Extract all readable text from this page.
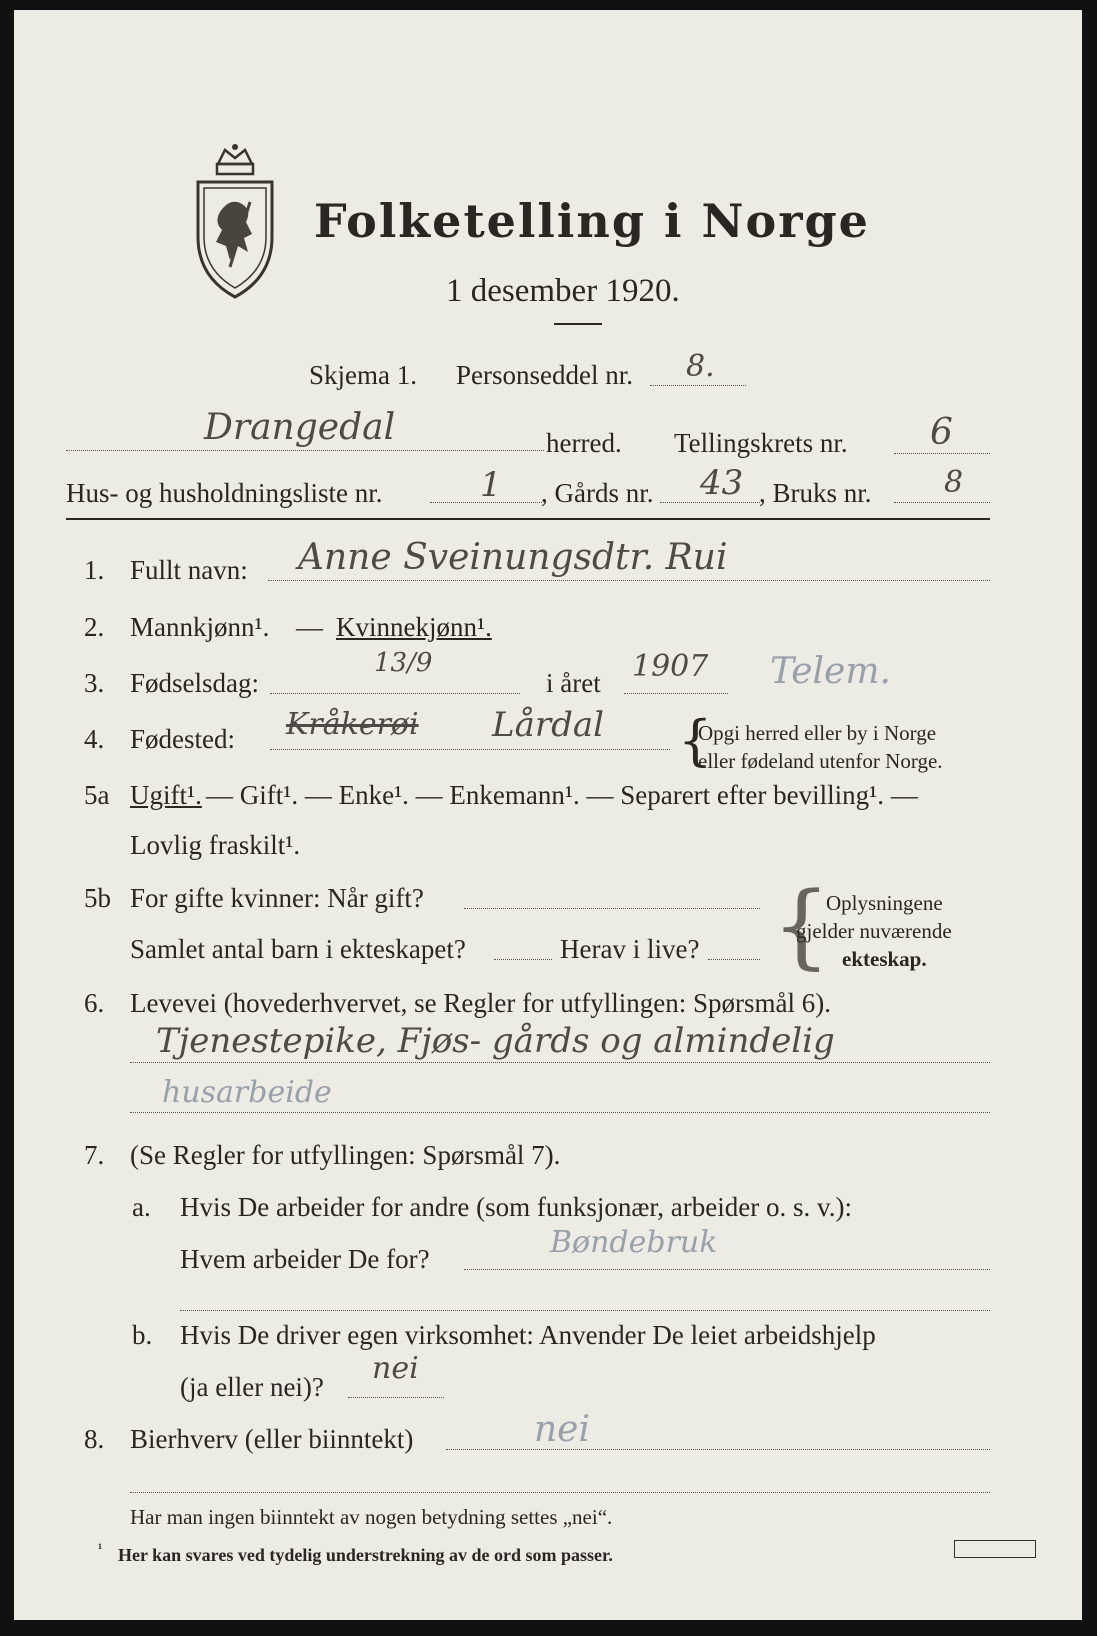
Folketelling i Norge
1 desember 1920.
Skjema 1. Personseddel nr. 8.
Drangedal	herred. Tellingskrets nr. 6
Hus- og husholdningsliste nr.	1 , Gårds nr. 43 , Bruks nr. 8
1. Fullt navn: Anne Sveinungsdtr. Rui
2. Mannkjønn¹. — Kvinnekjønn¹.
3. Fødselsdag:
13/9
i året 1907 Telem.
4. Fødested: Kråkerøi Lårdal {
Opgi herred eller by i Norge
eller fødeland utenfor Norge.
5a Ugift¹. — Gift¹. — Enke¹. — Enkemann¹. — Separert efter bevilling¹. —
Lovlig fraskilt¹.
5b For gifte kvinner: Når gift?
Samlet antal barn i ekteskapet?	Herav i live? {
Oplysningene
gjelder nuværende
ekteskap.
6. Levevei (hovederhvervet, se Regler for utfyllingen: Spørsmål 6).
Tjenestepike, Fjøs- gårds og almindelig
husarbeide
7. (Se Regler for utfyllingen: Spørsmål 7).
a. Hvis De arbeider for andre (som funksjonær, arbeider o. s. v.):
Hvem arbeider De for?	Bøndebruk
b. Hvis De driver egen virksomhet: Anvender De leiet arbeidshjelp
(ja eller nei)?
nei
8. Bierhverv (eller biinntekt)	nei
Har man ingen biinntekt av nogen betydning settes „nei“.
¹ Her kan svares ved tydelig understrekning av de ord som passer.
